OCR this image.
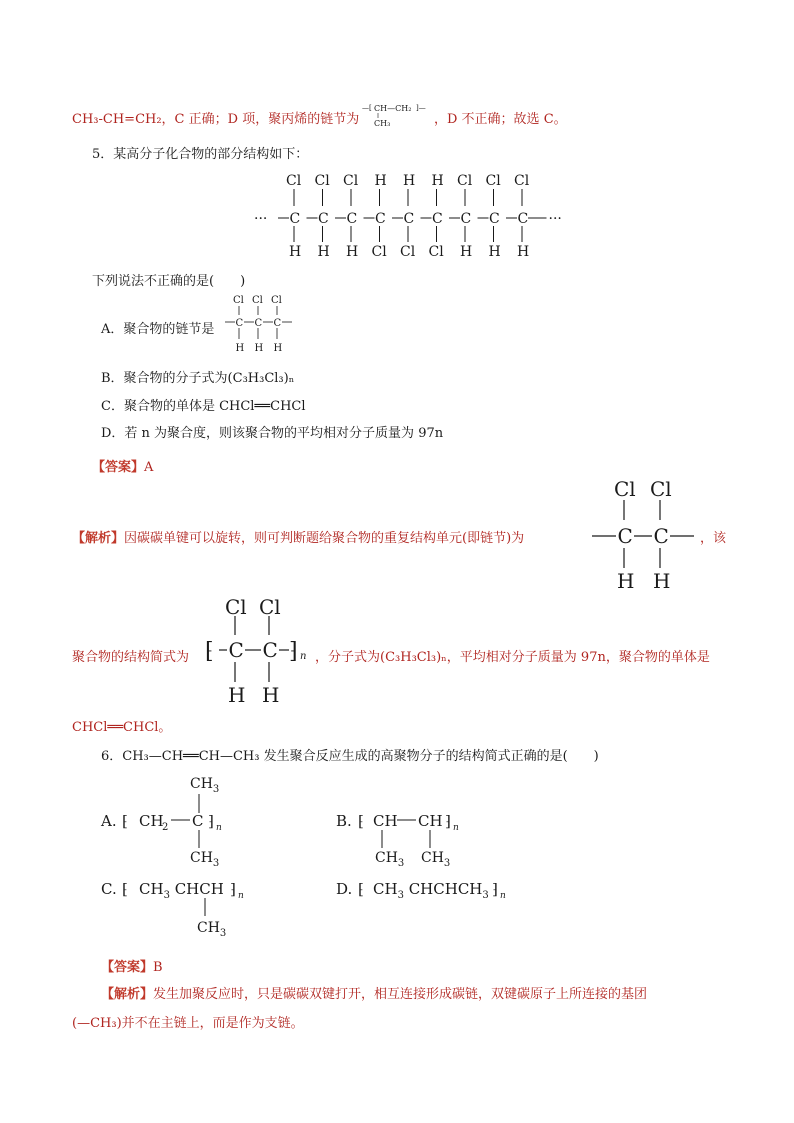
CH₃-CH=CH₂，C 正确；D 项，聚丙烯的链节为
—[ CH—CH₂ ]—
CH₃	，D 不正确；故选 C。
5．某高分子化合物的部分结构如下：
···	···
C
Cl
H
C
Cl
H
C
Cl
H
C
H
Cl
C
H
Cl
C
H
Cl
C
Cl
H
C
Cl
H
C
Cl
H
下列说法不正确的是(　　)
A．聚合物的链节是 C
Cl
H
C
Cl
H
C
Cl
H
B．聚合物的分子式为(C₃H₃Cl₃)ₙ
C．聚合物的单体是 CHCl══CHCl
D．若 n 为聚合度，则该聚合物的平均相对分子质量为 97n
【答案】A
【解析】因碳碳单键可以旋转，则可判断题给聚合物的重复结构单元(即链节)为	C
Cl
H
C
Cl
H
，该
聚合物的结构简式为 ⁅	⁆ n
C
Cl
H
C
Cl
H
，分子式为(C₃H₃Cl₃)ₙ，平均相对分子质量为 97n，聚合物的单体是
CHCl══CHCl。
6．CH₃—CH══CH—CH₃ 发生聚合反应生成的高聚物分子的结构简式正确的是(　　)
A. ⁅ CH
2 C
$CH_3$
$CH_3$
⁆ n	B. ⁅ CH CH
$CH_3$ $CH_3$
⁆ n
C. ⁅ $CH_3$ CHCH ⁆ n
$CH_3$
D. ⁅ $CH_3$ $CHCHCH_3$ ⁆ n
【答案】B
【解析】发生加聚反应时，只是碳碳双键打开，相互连接形成碳链，双键碳原子上所连接的基团
(—CH₃)并不在主链上，而是作为支链。
